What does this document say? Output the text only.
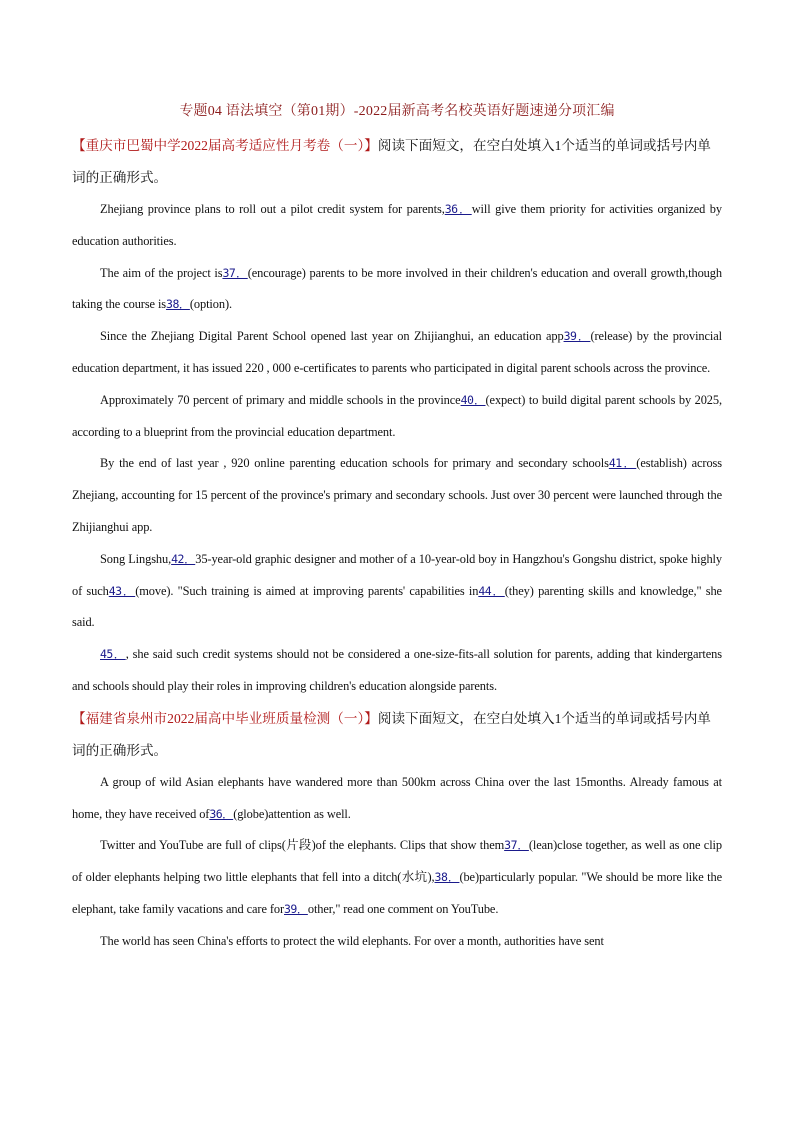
专题04 语法填空（第01期）-2022届新高考名校英语好题速递分项汇编

【重庆市巴蜀中学2022届高考适应性月考卷（一）】阅读下面短文，在空白处填入1个适当的单词或括号内单词的正确形式。

Zhejiang province plans to roll out a pilot credit system for parents,36．will give them priority for activities organized by education authorities.

The aim of the project is37．(encourage) parents to be more involved in their children's education and overall growth,though taking the course is38．(option).

Since the Zhejiang Digital Parent School opened last year on Zhijianghui, an education app39．(release) by the provincial education department, it has issued 220 , 000 e-certificates to parents who participated in digital parent schools across the province.

Approximately 70 percent of primary and middle schools in the province40．(expect) to build digital parent schools by 2025, according to a blueprint from the provincial education department.

By the end of last year , 920 online parenting education schools for primary and secondary schools41．(establish) across Zhejiang, accounting for 15 percent of the province's primary and secondary schools. Just over 30 percent were launched through the Zhijianghui app.

Song Lingshu,42．35-year-old graphic designer and mother of a 10-year-old boy in Hangzhou's Gongshu district, spoke highly of such43．(move). "Such training is aimed at improving parents' capabilities in44．(they) parenting skills and knowledge," she said.

45．, she said such credit systems should not be considered a one-size-fits-all solution for parents, adding that kindergartens and schools should play their roles in improving children's education alongside parents.

【福建省泉州市2022届高中毕业班质量检测（一）】阅读下面短文，在空白处填入1个适当的单词或括号内单词的正确形式。

A group of wild Asian elephants have wandered more than 500km across China over the last 15months. Already famous at home, they have received of36．(globe)attention as well.

Twitter and YouTube are full of clips(片段)of the elephants. Clips that show them37．(lean)close together, as well as one clip of older elephants helping two little elephants that fell into a ditch(水坑),38．(be)particularly popular. "We should be more like the elephant, take family vacations and care for39．other," read one comment on YouTube.

The world has seen China's efforts to protect the wild elephants. For over a month, authorities have sent
